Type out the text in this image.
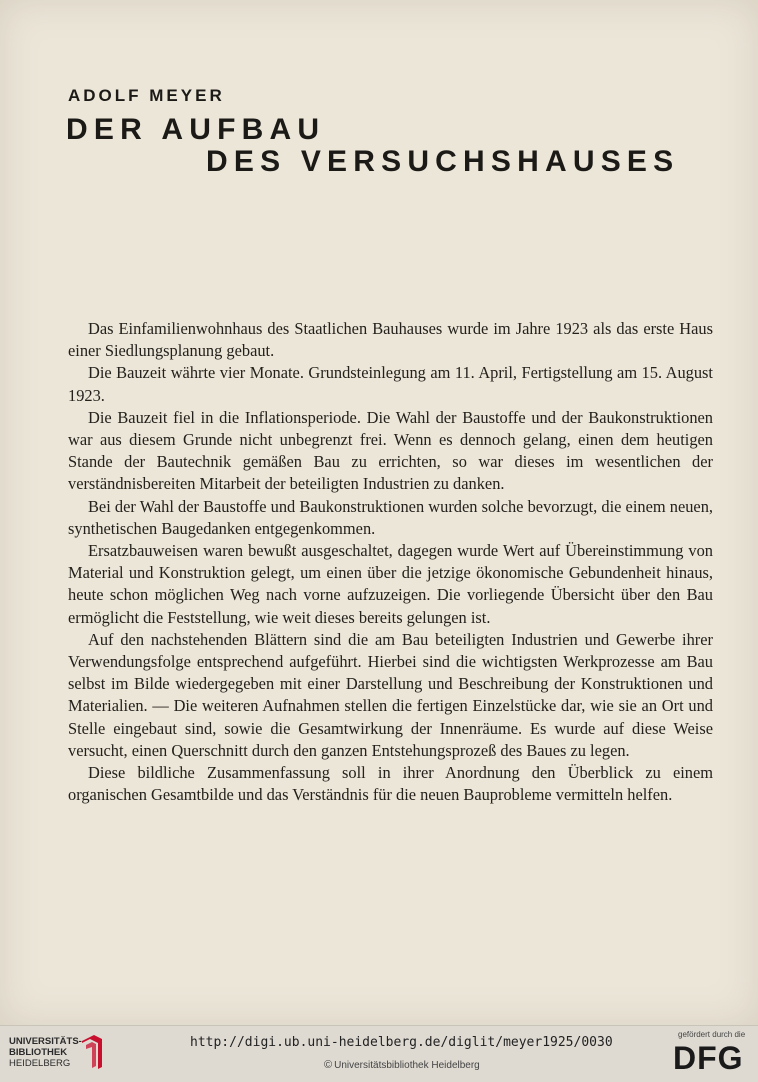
ADOLF MEYER
DER AUFBAU
DES VERSUCHSHAUSES

Das Einfamilienwohnhaus des Staatlichen Bauhauses wurde im Jahre 1923 als das erste Haus einer Siedlungsplanung gebaut.

Die Bauzeit währte vier Monate. Grundsteinlegung am 11. April, Fertigstellung am 15. August 1923.

Die Bauzeit fiel in die Inflationsperiode. Die Wahl der Baustoffe und der Baukonstruktionen war aus diesem Grunde nicht unbegrenzt frei. Wenn es dennoch gelang, einen dem heutigen Stande der Bautechnik gemäßen Bau zu errichten, so war dieses im wesentlichen der verständnisbereiten Mitarbeit der beteiligten Industrien zu danken.

Bei der Wahl der Baustoffe und Baukonstruktionen wurden solche bevorzugt, die einem neuen, synthetischen Baugedanken entgegenkommen.

Ersatzbauweisen waren bewußt ausgeschaltet, dagegen wurde Wert auf Übereinstimmung von Material und Konstruktion gelegt, um einen über die jetzige ökonomische Gebundenheit hinaus, heute schon möglichen Weg nach vorne aufzuzeigen. Die vorliegende Übersicht über den Bau ermöglicht die Feststellung, wie weit dieses bereits gelungen ist.

Auf den nachstehenden Blättern sind die am Bau beteiligten Industrien und Gewerbe ihrer Verwendungsfolge entsprechend aufgeführt. Hierbei sind die wichtigsten Werkprozesse am Bau selbst im Bilde wiedergegeben mit einer Darstellung und Beschreibung der Konstruktionen und Materialien. — Die weiteren Aufnahmen stellen die fertigen Einzelstücke dar, wie sie an Ort und Stelle eingebaut sind, sowie die Gesamtwirkung der Innenräume. Es wurde auf diese Weise versucht, einen Querschnitt durch den ganzen Entstehungsprozeß des Baues zu legen.

Diese bildliche Zusammenfassung soll in ihrer Anordnung den Überblick zu einem organischen Gesamtbilde und das Verständnis für die neuen Bauprobleme vermitteln helfen.

UNIVERSITÄTS-
BIBLIOTHEK
HEIDELBERG
http://digi.ub.uni-heidelberg.de/diglit/meyer1925/0030
© Universitätsbibliothek Heidelberg
gefördert durch die
DFG
